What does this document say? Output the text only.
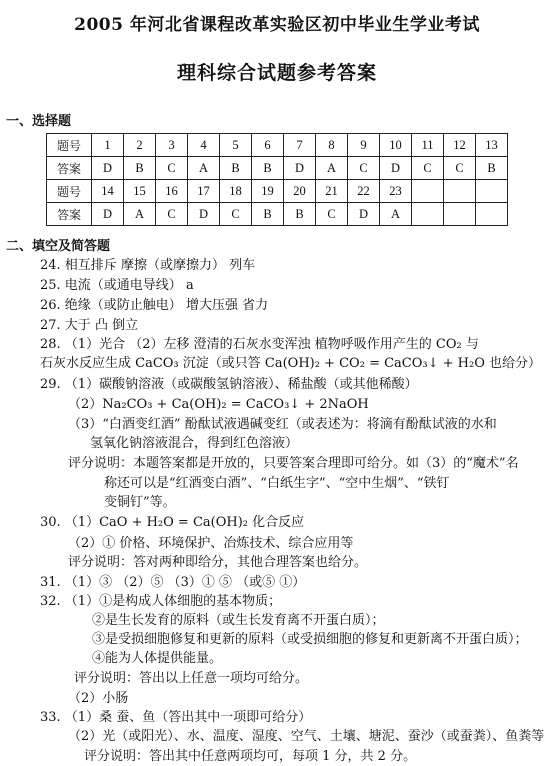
2005 年河北省课程改革实验区初中毕业生学业考试
理科综合试题参考答案
一、选择题
题号	1	2	3	4	5	6	7	8	9	10	11	12	13
答案	D	B	C	A	B	B	D	A	C	D	C	C	B
题号	14	15	16	17	18	19	20	21	22	23			
答案	D	A	C	D	C	B	B	C	D	A			
二、填空及简答题
24. 相互排斥 摩擦（或摩擦力） 列车
25. 电流（或通电导线） a
26. 绝缘（或防止触电） 增大压强 省力
27. 大于 凸 倒立
28. （1）光合 （2）左移 澄清的石灰水变浑浊 植物呼吸作用产生的 CO₂ 与
石灰水反应生成 CaCO₃ 沉淀（或只答 Ca(OH)₂ + CO₂ = CaCO₃↓ + H₂O 也给分）
29. （1）碳酸钠溶液（或碳酸氢钠溶液）、稀盐酸（或其他稀酸）
（2）Na₂CO₃ + Ca(OH)₂ = CaCO₃↓ + 2NaOH
（3）“白酒变红酒” 酚酞试液遇碱变红（或表述为：将滴有酚酞试液的水和
氢氧化钠溶液混合，得到红色溶液）
评分说明：本题答案都是开放的，只要答案合理即可给分。如（3）的“魔术”名
称还可以是“红酒变白酒”、“白纸生字”、“空中生烟”、“铁钉
变铜钉”等。
30. （1）CaO + H₂O = Ca(OH)₂ 化合反应
（2）① 价格、环境保护、冶炼技术、综合应用等
评分说明：答对两种即给分，其他合理答案也给分。
31. （1）③ （2）⑤ （3）① ⑤ （或⑤ ①）
32. （1）①是构成人体细胞的基本物质；
②是生长发育的原料（或生长发育离不开蛋白质）；
③是受损细胞修复和更新的原料（或受损细胞的修复和更新离不开蛋白质）；
④能为人体提供能量。
评分说明：答出以上任意一项均可给分。
（2）小肠
33. （1）桑 蚕、鱼（答出其中一项即可给分）
（2）光（或阳光）、水、温度、湿度、空气、土壤、塘泥、蚕沙（或蚕粪）、鱼粪等
评分说明：答出其中任意两项均可，每项 1 分，共 2 分。
